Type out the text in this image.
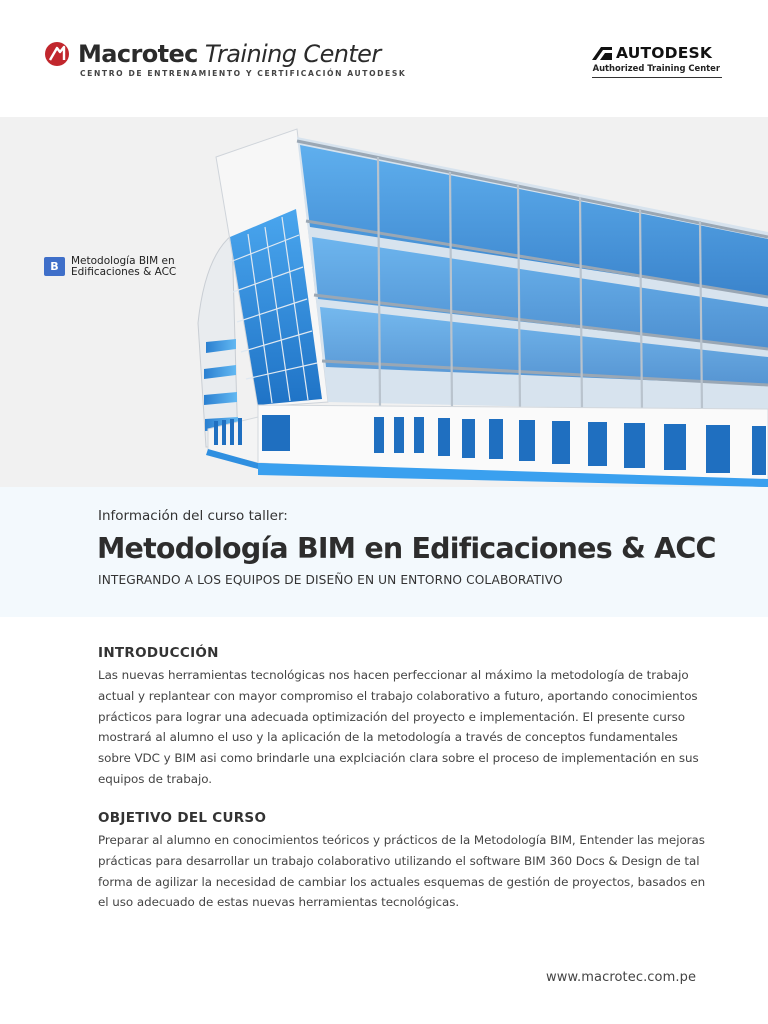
Macrotec Training Center
CENTRO DE ENTRENAMIENTO Y CERTIFICACIÓN AUTODESK
AUTODESK
Authorized Training Center
B	Metodología BIM en
Edificaciones & ACC
Información del curso taller:
Metodología BIM en Edificaciones & ACC
INTEGRANDO A LOS EQUIPOS DE DISEÑO EN UN ENTORNO COLABORATIVO
INTRODUCCIÓN

Las nuevas herramientas tecnológicas nos hacen perfeccionar al máximo la metodología de trabajo actual y replantear con mayor compromiso el trabajo colaborativo a futuro, aportando conocimientos prácticos para lograr una adecuada optimización del proyecto e implementación. El presente curso mostrará al alumno el uso y la aplicación de la metodología a través de conceptos fundamentales sobre VDC y BIM asi como brindarle una explciación clara sobre el proceso de implementación en sus equipos de trabajo.

OBJETIVO DEL CURSO

Preparar al alumno en conocimientos teóricos y prácticos de la Metodología BIM, Entender las mejoras prácticas para desarrollar un trabajo colaborativo utilizando el software BIM 360 Docs & Design de tal forma de agilizar la necesidad de cambiar los actuales esquemas de gestión de proyectos, basados en el uso adecuado de estas nuevas herramientas tecnológicas.

www.macrotec.com.pe
